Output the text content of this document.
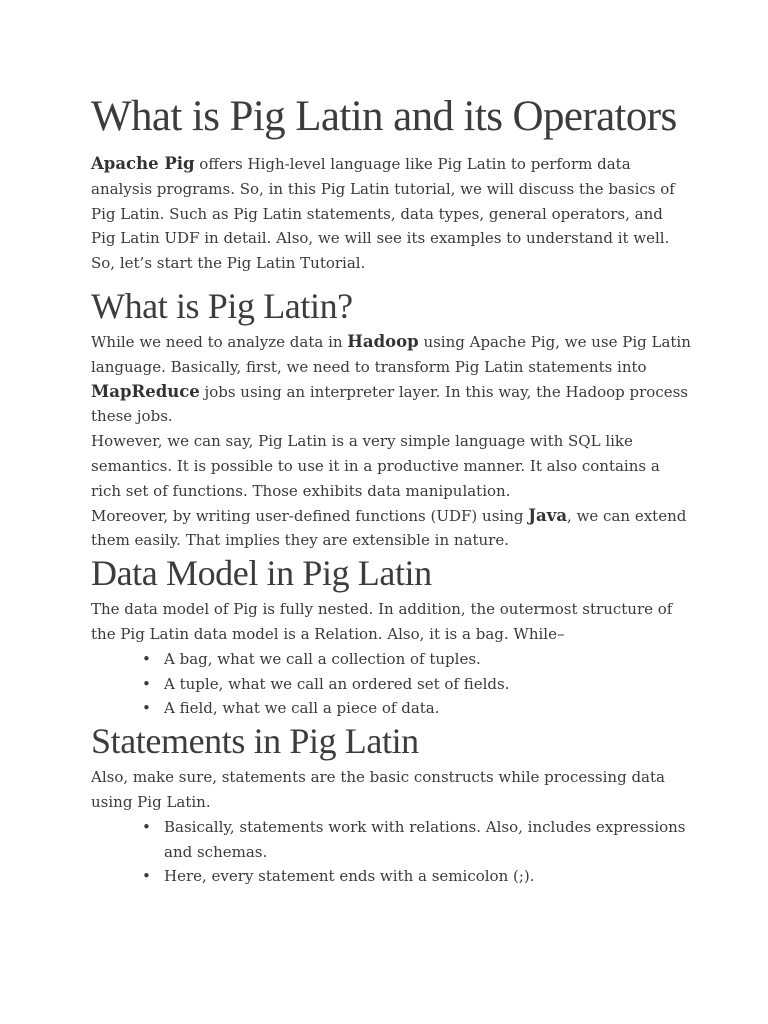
What is Pig Latin and its Operators

Apache Pig offers High-level language like Pig Latin to perform data analysis programs. So, in this Pig Latin tutorial, we will discuss the basics of Pig Latin. Such as Pig Latin statements, data types, general operators, and Pig Latin UDF in detail. Also, we will see its examples to understand it well.

So, let’s start the Pig Latin Tutorial.

What is Pig Latin?

While we need to analyze data in Hadoop using Apache Pig, we use Pig Latin language. Basically, first, we need to transform Pig Latin statements into MapReduce jobs using an interpreter layer. In this way, the Hadoop process these jobs.

However, we can say, Pig Latin is a very simple language with SQL like semantics. It is possible to use it in a productive manner. It also contains a rich set of functions. Those exhibits data manipulation.

Moreover, by writing user-defined functions (UDF) using Java, we can extend them easily. That implies they are extensible in nature.

Data Model in Pig Latin

The data model of Pig is fully nested. In addition, the outermost structure of the Pig Latin data model is a Relation. Also, it is a bag. While–

• A bag, what we call a collection of tuples.
• A tuple, what we call an ordered set of fields.
• A field, what we call a piece of data.
Statements in Pig Latin

Also, make sure, statements are the basic constructs while processing data using Pig Latin.

• Basically, statements work with relations. Also, includes expressions and schemas.
• Here, every statement ends with a semicolon (;).
